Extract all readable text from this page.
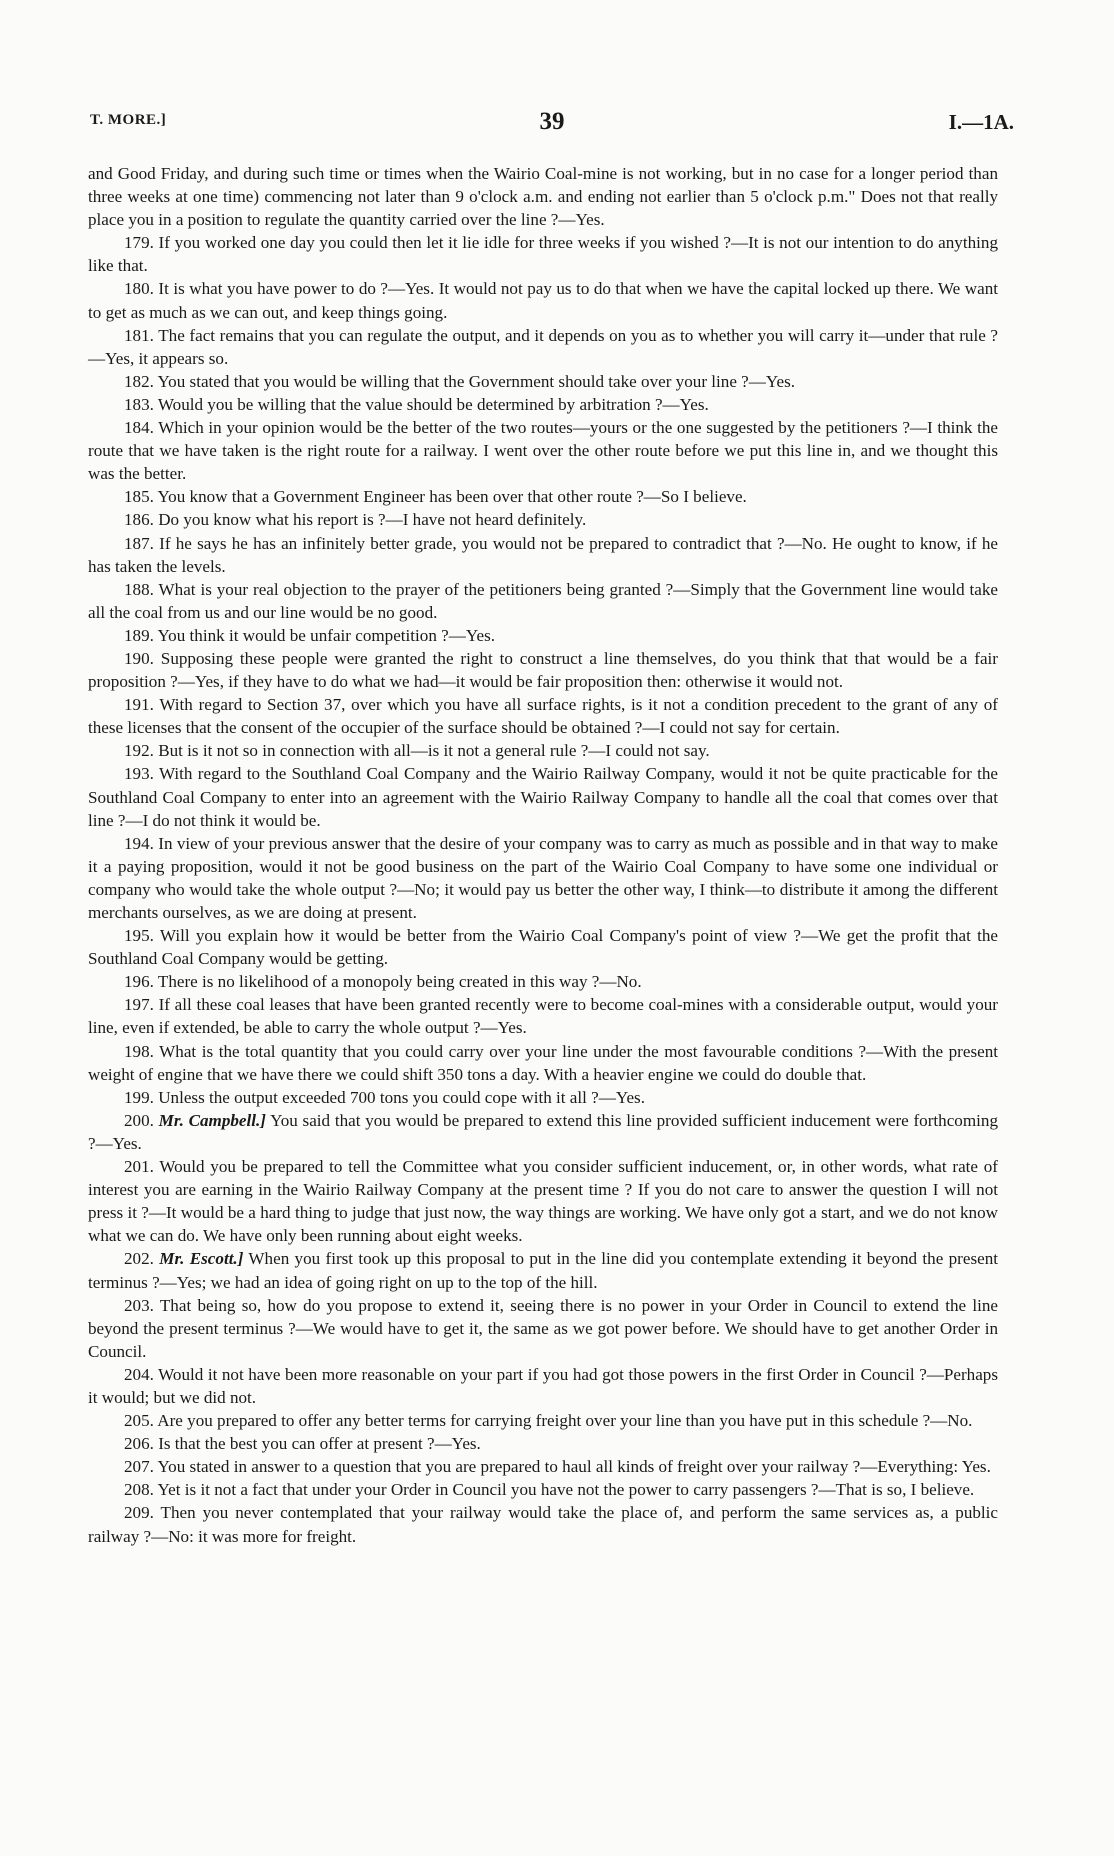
T. MORE.]	39	I.—1A.

and Good Friday, and during such time or times when the Wairio Coal-mine is not working, but in no case for a longer period than three weeks at one time) commencing not later than 9 o'clock a.m. and ending not earlier than 5 o'clock p.m." Does not that really place you in a position to regulate the quantity carried over the line ?—Yes.

179. If you worked one day you could then let it lie idle for three weeks if you wished ?—It is not our intention to do anything like that.

180. It is what you have power to do ?—Yes. It would not pay us to do that when we have the capital locked up there. We want to get as much as we can out, and keep things going.

181. The fact remains that you can regulate the output, and it depends on you as to whether you will carry it—under that rule ?—Yes, it appears so.

182. You stated that you would be willing that the Government should take over your line ?—Yes.

183. Would you be willing that the value should be determined by arbitration ?—Yes.

184. Which in your opinion would be the better of the two routes—yours or the one suggested by the petitioners ?—I think the route that we have taken is the right route for a railway. I went over the other route before we put this line in, and we thought this was the better.

185. You know that a Government Engineer has been over that other route ?—So I believe.

186. Do you know what his report is ?—I have not heard definitely.

187. If he says he has an infinitely better grade, you would not be prepared to contradict that ?—No. He ought to know, if he has taken the levels.

188. What is your real objection to the prayer of the petitioners being granted ?—Simply that the Government line would take all the coal from us and our line would be no good.

189. You think it would be unfair competition ?—Yes.

190. Supposing these people were granted the right to construct a line themselves, do you think that that would be a fair proposition ?—Yes, if they have to do what we had—it would be fair proposition then: otherwise it would not.

191. With regard to Section 37, over which you have all surface rights, is it not a condition precedent to the grant of any of these licenses that the consent of the occupier of the surface should be obtained ?—I could not say for certain.

192. But is it not so in connection with all—is it not a general rule ?—I could not say.

193. With regard to the Southland Coal Company and the Wairio Railway Company, would it not be quite practicable for the Southland Coal Company to enter into an agreement with the Wairio Railway Company to handle all the coal that comes over that line ?—I do not think it would be.

194. In view of your previous answer that the desire of your company was to carry as much as possible and in that way to make it a paying proposition, would it not be good business on the part of the Wairio Coal Company to have some one individual or company who would take the whole output ?—No; it would pay us better the other way, I think—to distribute it among the different merchants ourselves, as we are doing at present.

195. Will you explain how it would be better from the Wairio Coal Company's point of view ?—We get the profit that the Southland Coal Company would be getting.

196. There is no likelihood of a monopoly being created in this way ?—No.

197. If all these coal leases that have been granted recently were to become coal-mines with a considerable output, would your line, even if extended, be able to carry the whole output ?—Yes.

198. What is the total quantity that you could carry over your line under the most favourable conditions ?—With the present weight of engine that we have there we could shift 350 tons a day. With a heavier engine we could do double that.

199. Unless the output exceeded 700 tons you could cope with it all ?—Yes.

200. Mr. Campbell.] You said that you would be prepared to extend this line provided sufficient inducement were forthcoming ?—Yes.

201. Would you be prepared to tell the Committee what you consider sufficient inducement, or, in other words, what rate of interest you are earning in the Wairio Railway Company at the present time ? If you do not care to answer the question I will not press it ?—It would be a hard thing to judge that just now, the way things are working. We have only got a start, and we do not know what we can do. We have only been running about eight weeks.

202. Mr. Escott.] When you first took up this proposal to put in the line did you contemplate extending it beyond the present terminus ?—Yes; we had an idea of going right on up to the top of the hill.

203. That being so, how do you propose to extend it, seeing there is no power in your Order in Council to extend the line beyond the present terminus ?—We would have to get it, the same as we got power before. We should have to get another Order in Council.

204. Would it not have been more reasonable on your part if you had got those powers in the first Order in Council ?—Perhaps it would; but we did not.

205. Are you prepared to offer any better terms for carrying freight over your line than you have put in this schedule ?—No.

206. Is that the best you can offer at present ?—Yes.

207. You stated in answer to a question that you are prepared to haul all kinds of freight over your railway ?—Everything: Yes.

208. Yet is it not a fact that under your Order in Council you have not the power to carry passengers ?—That is so, I believe.

209. Then you never contemplated that your railway would take the place of, and perform the same services as, a public railway ?—No: it was more for freight.
